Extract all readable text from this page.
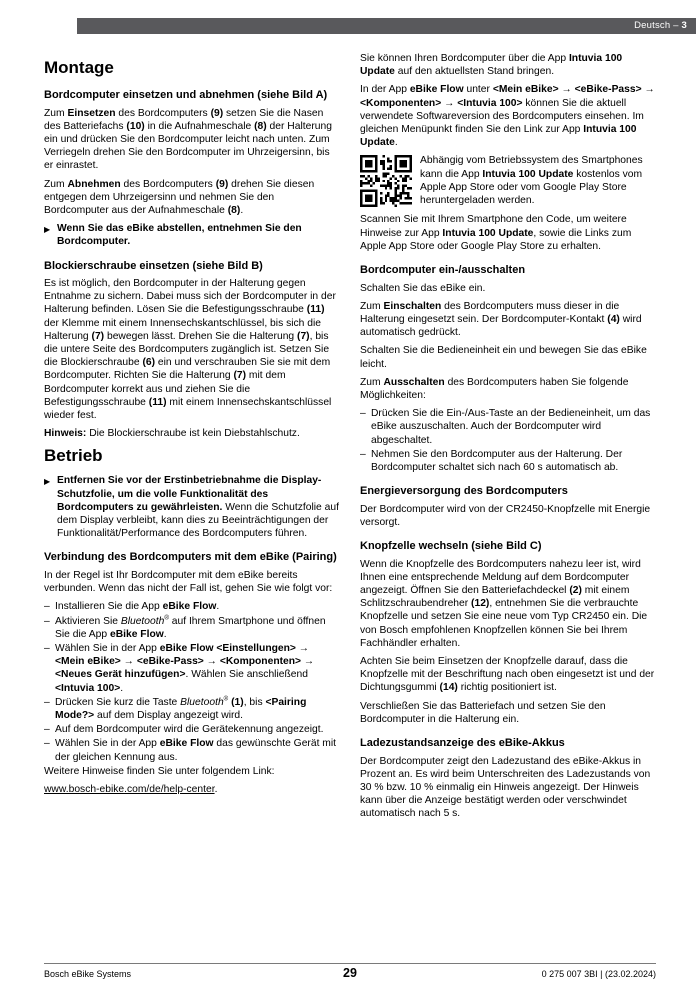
Deutsch – 3
Montage
Bordcomputer einsetzen und abnehmen (siehe Bild A)
Zum Einsetzen des Bordcomputers (9) setzen Sie die Nasen des Batteriefachs (10) in die Aufnahmeschale (8) der Halterung ein und drücken Sie den Bordcomputer leicht nach unten. Zum Verriegeln drehen Sie den Bordcomputer im Uhrzeigersinn, bis er einrastet.
Zum Abnehmen des Bordcomputers (9) drehen Sie diesen entgegen dem Uhrzeigersinn und nehmen Sie den Bordcomputer aus der Aufnahmeschale (8).
▶ Wenn Sie das eBike abstellen, entnehmen Sie den Bordcomputer.
Blockierschraube einsetzen (siehe Bild B)
Es ist möglich, den Bordcomputer in der Halterung gegen Entnahme zu sichern. Dabei muss sich der Bordcomputer in der Halterung befinden. Lösen Sie die Befestigungsschraube (11) der Klemme mit einem Innensechskantschlüssel, bis sich die Halterung (7) bewegen lässt. Drehen Sie die Halterung (7), bis die untere Seite des Bordcomputers zugänglich ist. Setzen Sie die Blockierschraube (6) ein und verschrauben Sie sie mit dem Bordcomputer. Richten Sie die Halterung (7) mit dem Bordcomputer korrekt aus und ziehen Sie die Befestigungsschraube (11) mit einem Innensechskantschlüssel wieder fest.
Hinweis: Die Blockierschraube ist kein Diebstahlschutz.
Betrieb
▶ Entfernen Sie vor der Erstinbetriebnahme die Display-Schutzfolie, um die volle Funktionalität des Bordcomputers zu gewährleisten. Wenn die Schutzfolie auf dem Display verbleibt, kann dies zu Beeinträchtigungen der Funktionalität/Performance des Bordcomputers führen.
Verbindung des Bordcomputers mit dem eBike (Pairing)
In der Regel ist Ihr Bordcomputer mit dem eBike bereits verbunden. Wenn das nicht der Fall ist, gehen Sie wie folgt vor:
– Installieren Sie die App eBike Flow.
– Aktivieren Sie Bluetooth® auf Ihrem Smartphone und öffnen Sie die App eBike Flow.
– Wählen Sie in der App eBike Flow <Einstellungen> → <Mein eBike> → <eBike-Pass> → <Komponenten> → <Neues Gerät hinzufügen>. Wählen Sie anschließend <Intuvia 100>.
– Drücken Sie kurz die Taste Bluetooth® (1), bis <Pairing Mode?> auf dem Display angezeigt wird.
– Auf dem Bordcomputer wird die Gerätekennung angezeigt.
– Wählen Sie in der App eBike Flow das gewünschte Gerät mit der gleichen Kennung aus.
Weitere Hinweise finden Sie unter folgendem Link:
www.bosch-ebike.com/de/help-center.
Sie können Ihren Bordcomputer über die App Intuvia 100 Update auf den aktuellsten Stand bringen.
In der App eBike Flow unter <Mein eBike> → <eBike-Pass> → <Komponenten> → <Intuvia 100> können Sie die aktuell verwendete Softwareversion des Bordcomputers einsehen. Im gleichen Menüpunkt finden Sie den Link zur App Intuvia 100 Update.
Abhängig vom Betriebssystem des Smartphones kann die App Intuvia 100 Update kostenlos vom Apple App Store oder vom Google Play Store heruntergeladen werden.
Scannen Sie mit Ihrem Smartphone den Code, um weitere Hinweise zur App Intuvia 100 Update, sowie die Links zum Apple App Store oder Google Play Store zu erhalten.
Bordcomputer ein-/ausschalten
Schalten Sie das eBike ein.
Zum Einschalten des Bordcomputers muss dieser in die Halterung eingesetzt sein. Der Bordcomputer-Kontakt (4) wird automatisch gedrückt.
Schalten Sie die Bedieneinheit ein und bewegen Sie das eBike leicht.
Zum Ausschalten des Bordcomputers haben Sie folgende Möglichkeiten:
– Drücken Sie die Ein-/Aus-Taste an der Bedieneinheit, um das eBike auszuschalten. Auch der Bordcomputer wird abgeschaltet.
– Nehmen Sie den Bordcomputer aus der Halterung. Der Bordcomputer schaltet sich nach 60 s automatisch ab.
Energieversorgung des Bordcomputers
Der Bordcomputer wird von der CR2450-Knopfzelle mit Energie versorgt.
Knopfzelle wechseln (siehe Bild C)
Wenn die Knopfzelle des Bordcomputers nahezu leer ist, wird Ihnen eine entsprechende Meldung auf dem Bordcomputer angezeigt. Öffnen Sie den Batteriefachdeckel (2) mit einem Schlitzschraubendreher (12), entnehmen Sie die verbrauchte Knopfzelle und setzen Sie eine neue vom Typ CR2450 ein. Die von Bosch empfohlenen Knopfzellen können Sie bei Ihrem Fachhändler erhalten.
Achten Sie beim Einsetzen der Knopfzelle darauf, dass die Knopfzelle mit der Beschriftung nach oben eingesetzt ist und der Dichtungsgummi (14) richtig positioniert ist.
Verschließen Sie das Batteriefach und setzen Sie den Bordcomputer in die Halterung ein.
Ladezustandsanzeige des eBike-Akkus
Der Bordcomputer zeigt den Ladezustand des eBike-Akkus in Prozent an. Es wird beim Unterschreiten des Ladezustands von 30 % bzw. 10 % einmalig ein Hinweis angezeigt. Der Hinweis kann über die Anzeige bestätigt werden oder verschwindet automatisch nach 5 s.
Bosch eBike Systems	29	0 275 007 3BI | (23.02.2024)
